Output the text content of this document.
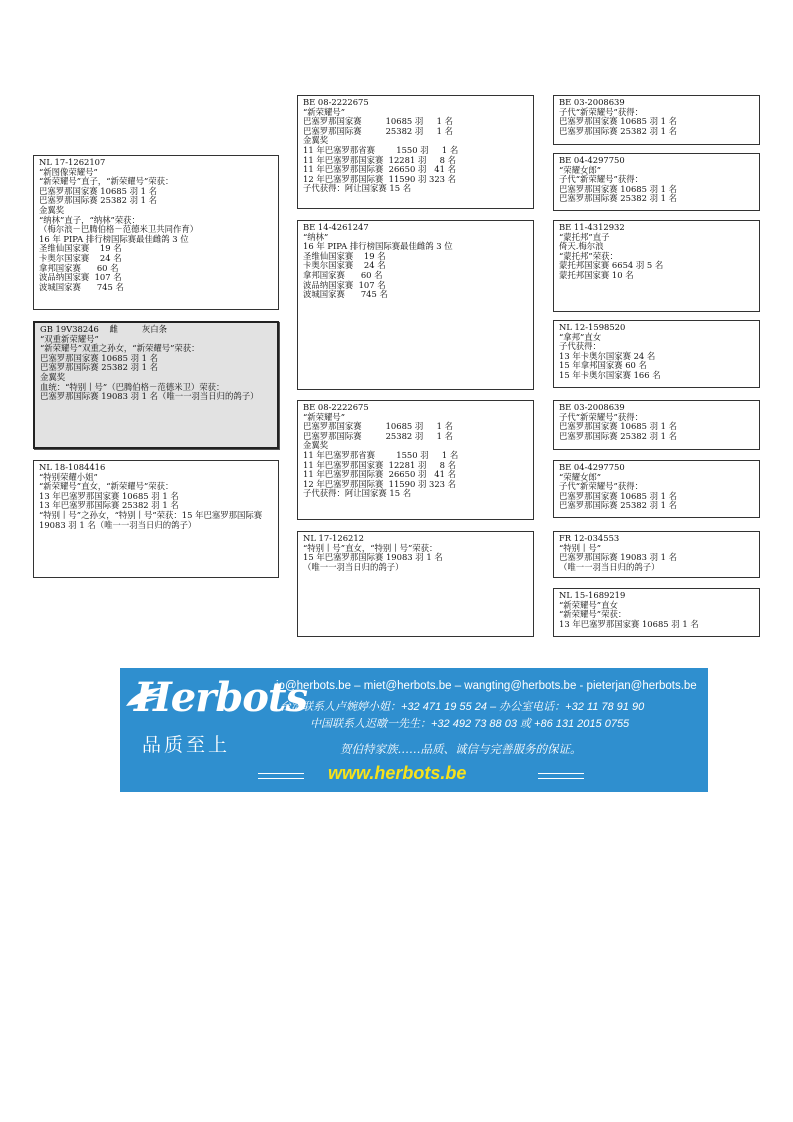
GB 19V38246    雌         灰白条
“双重新荣耀号”
“新荣耀号”双重之孙女，“新荣耀号”荣获：
巴塞罗那国家赛 10685 羽 1 名
巴塞罗那国际赛 25382 羽 1 名
金翼奖
血统：“特别丨号”（巴腾伯格－范德米卫）荣获：
巴塞罗那国际赛 19083 羽 1 名（唯一一羽当日归的鸽子）
NL 17-1262107
“新图像荣耀号”
“新荣耀号”直子，“新荣耀号”荣获：
巴塞罗那国家赛 10685 羽 1 名
巴塞罗那国际赛 25382 羽 1 名
金翼奖
“纳林”直子，“纳林”荣获：
（梅尔浪－巴腾伯格－范德米卫共同作育）
16 年 PIPA 排行榜国际赛最佳雌鸽 3 位
圣维仙国家赛    19 名
卡奥尔国家赛    24 名
拿邦国家赛      60 名
波品纳国家赛  107 名
波城国家赛      745 名
NL 18-1084416
“特别荣耀小姐”
“新荣耀号”直女，“新荣耀号”荣获：
13 年巴塞罗那国家赛 10685 羽 1 名
13 年巴塞罗那国际赛 25382 羽 1 名
“特别丨号”之孙女，“特别丨号”荣获：15 年巴塞罗那国际赛 19083 羽 1 名（唯一一羽当日归的鸽子）
BE 08-2222675
“新荣耀号”
巴塞罗那国家赛         10685 羽     1 名
巴塞罗那国际赛         25382 羽     1 名
金翼奖
11 年巴塞罗那省赛        1550 羽     1 名
11 年巴塞罗那国家赛  12281 羽     8 名
11 年巴塞罗那国际赛  26650 羽   41 名
12 年巴塞罗那国际赛  11590 羽 323 名
子代获得：阿让国家赛 15 名
BE 14-4261247
“纳林”
16 年 PIPA 排行榜国际赛最佳雌鸽 3 位
圣维仙国家赛    19 名
卡奥尔国家赛    24 名
拿邦国家赛      60 名
波品纳国家赛  107 名
波城国家赛      745 名
BE 08-2222675
“新荣耀号”
巴塞罗那国家赛         10685 羽     1 名
巴塞罗那国际赛         25382 羽     1 名
金翼奖
11 年巴塞罗那省赛        1550 羽     1 名
11 年巴塞罗那国家赛  12281 羽     8 名
11 年巴塞罗那国际赛  26650 羽   41 名
12 年巴塞罗那国际赛  11590 羽 323 名
子代获得：阿让国家赛 15 名
NL 17-126212
“特别丨号”直女，“特别丨号”荣获：
15 年巴塞罗那国际赛 19083 羽 1 名
（唯一一羽当日归的鸽子）
BE 03-2008639
子代“新荣耀号”获得：
巴塞罗那国家赛 10685 羽 1 名
巴塞罗那国际赛 25382 羽 1 名
BE 04-4297750
“荣耀女郎”
子代“新荣耀号”获得：
巴塞罗那国家赛 10685 羽 1 名
巴塞罗那国际赛 25382 羽 1 名
BE 11-4312932
“蒙托邦”直子
倚天.梅尔浪
“蒙托邦”荣获：
蒙托邦国家赛 6654 羽 5 名
蒙托邦国家赛 10 名
NL 12-1598520
“拿邦”直女
子代获得：
13 年卡奥尔国家赛 24 名
15 年拿邦国家赛 60 名
15 年卡奥尔国家赛 166 名
BE 03-2008639
子代“新荣耀号”获得：
巴塞罗那国家赛 10685 羽 1 名
巴塞罗那国际赛 25382 羽 1 名
BE 04-4297750
“荣耀女郎”
子代“新荣耀号”获得：
巴塞罗那国家赛 10685 羽 1 名
巴塞罗那国际赛 25382 羽 1 名
FR 12-034553
“特别丨号”
巴塞罗那国际赛 19083 羽 1 名
（唯一一羽当日归的鸽子）
NL 15-1689219
“新荣耀号”直女
“新荣耀号”荣获：
13 年巴塞罗那国家赛 10685 羽 1 名
Herbots
品质至上
jo@herbots.be – miet@herbots.be – wangting@herbots.be - pieterjan@herbots.be
台湾联系人卢婉婷小姐：+32 471 19 55 24 – 办公室电话：+32 11 78 91 90
中国联系人迟暾一先生：+32 492 73 88 03 或 +86 131 2015 0755
贺伯特家族……品质、诚信与完善服务的保证。
www.herbots.be
